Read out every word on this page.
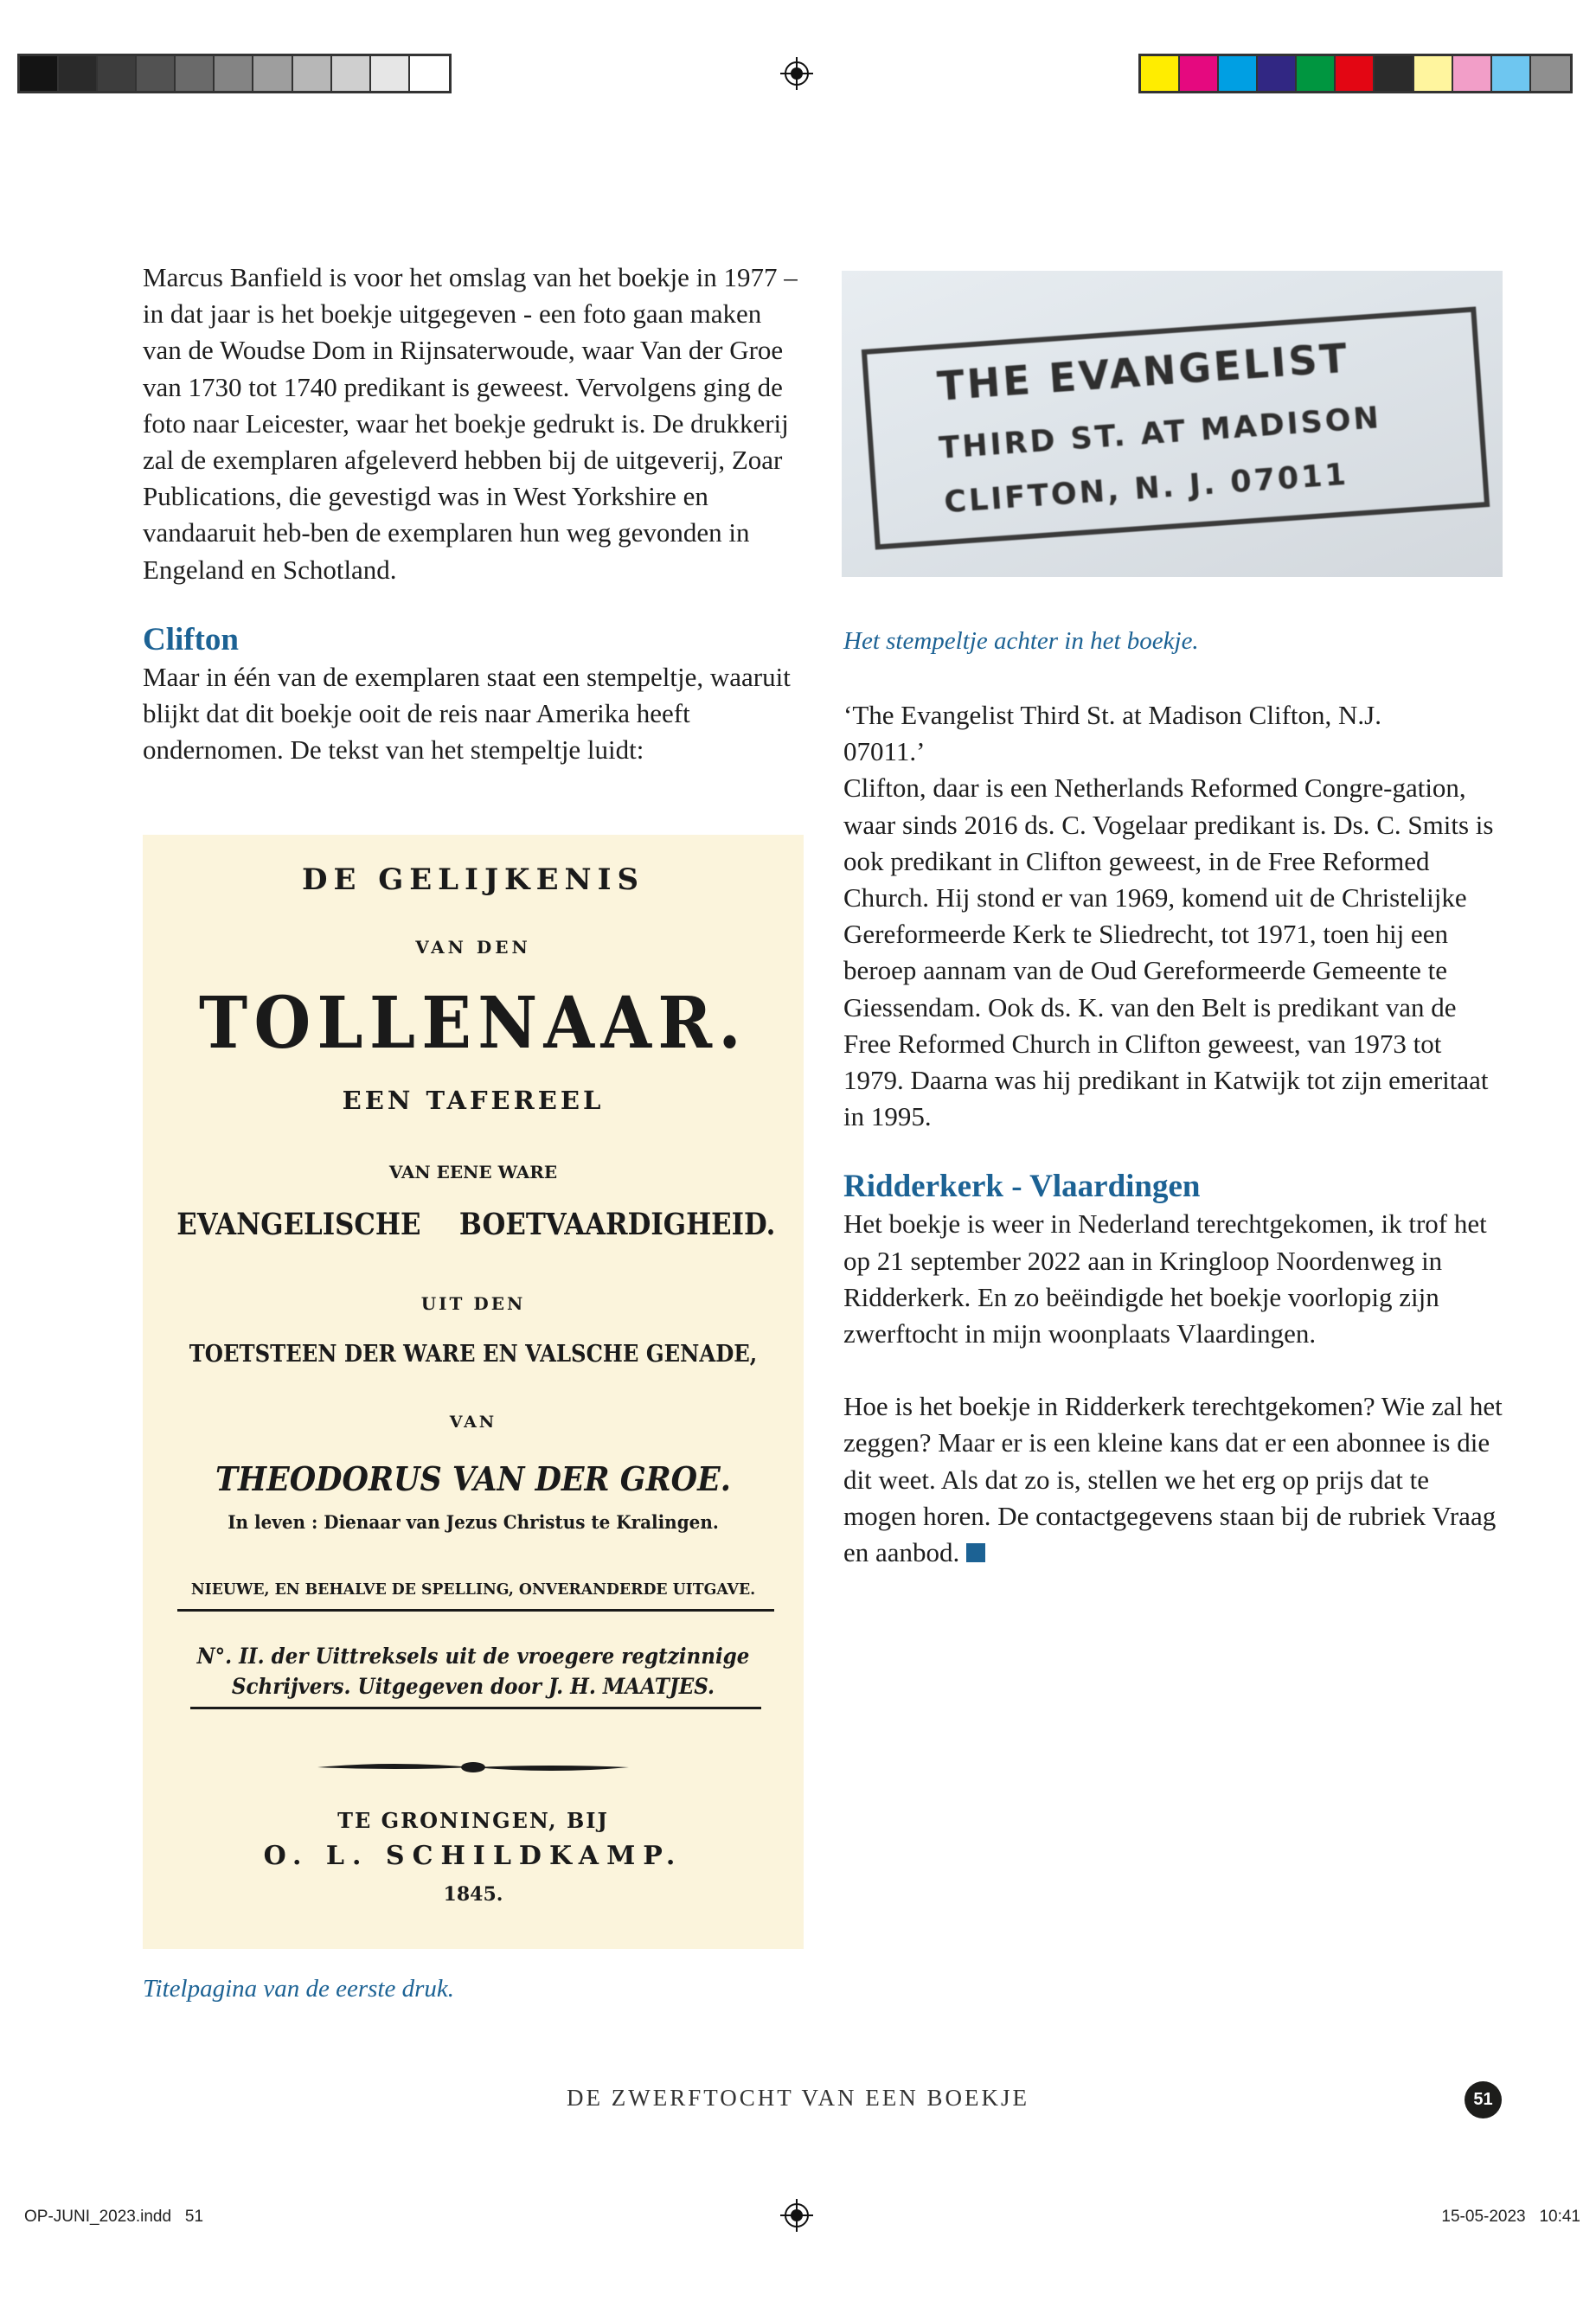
Marcus Banfield is voor het omslag van het boekje in 1977 – in dat jaar is het boekje uitgegeven - een foto gaan maken van de Woudse Dom in Rijnsaterwoude, waar Van der Groe van 1730 tot 1740 predikant is geweest. Vervolgens ging de foto naar Leicester, waar het boekje gedrukt is. De drukkerij zal de exemplaren afgeleverd hebben bij de uitgeverij, Zoar Publications, die gevestigd was in West Yorkshire en vandaaruit heb-ben de exemplaren hun weg gevonden in Engeland en Schotland.

Clifton

Maar in één van de exemplaren staat een stempeltje, waaruit blijkt dat dit boekje ooit de reis naar Amerika heeft ondernomen. De tekst van het stempeltje luidt:

DE GELIJKENIS
VAN DEN
TOLLENAAR.
EEN TAFEREEL
VAN EENE WARE
EVANGELISCHE BOETVAARDIGHEID.
UIT DEN
TOETSTEEN DER WARE EN VALSCHE GENADE,
VAN
THEODORUS VAN DER GROE.
In leven : Dienaar van Jezus Christus te Kralingen.
NIEUWE, EN BEHALVE DE SPELLING, ONVERANDERDE UITGAVE.
N°. II. der Uittreksels uit de vroegere regtzinnige
Schrijvers. Uitgegeven door J. H. MAATJES.
TE GRONINGEN, BIJ
O. L. SCHILDKAMP.
1845.
Titelpagina van de eerste druk.
THE EVANGELIST
THIRD ST. AT MADISON
CLIFTON, N. J. 07011
Het stempeltje achter in het boekje.

‘The Evangelist Third St. at Madison Clifton, N.J. 07011.’

Clifton, daar is een Netherlands Reformed Congre-gation, waar sinds 2016 ds. C. Vogelaar predikant is. Ds. C. Smits is ook predikant in Clifton geweest, in de Free Reformed Church. Hij stond er van 1969, komend uit de Christelijke Gereformeerde Kerk te Sliedrecht, tot 1971, toen hij een beroep aannam van de Oud Gereformeerde Gemeente te Giessendam. Ook ds. K. van den Belt is predikant van de Free Reformed Church in Clifton geweest, van 1973 tot 1979. Daarna was hij predikant in Katwijk tot zijn emeritaat in 1995.

Ridderkerk - Vlaardingen

Het boekje is weer in Nederland terechtgekomen, ik trof het op 21 september 2022 aan in Kringloop Noordenweg in Ridderkerk. En zo beëindigde het boekje voorlopig zijn zwerftocht in mijn woonplaats Vlaardingen.

Hoe is het boekje in Ridderkerk terechtgekomen? Wie zal het zeggen? Maar er is een kleine kans dat er een abonnee is die dit weet. Als dat zo is, stellen we het erg op prijs dat te mogen horen. De contactgegevens staan bij de rubriek Vraag en aanbod.

DE ZWERFTOCHT VAN EEN BOEKJE	51
OP-JUNI_2023.indd   51	15-05-2023   10:41
